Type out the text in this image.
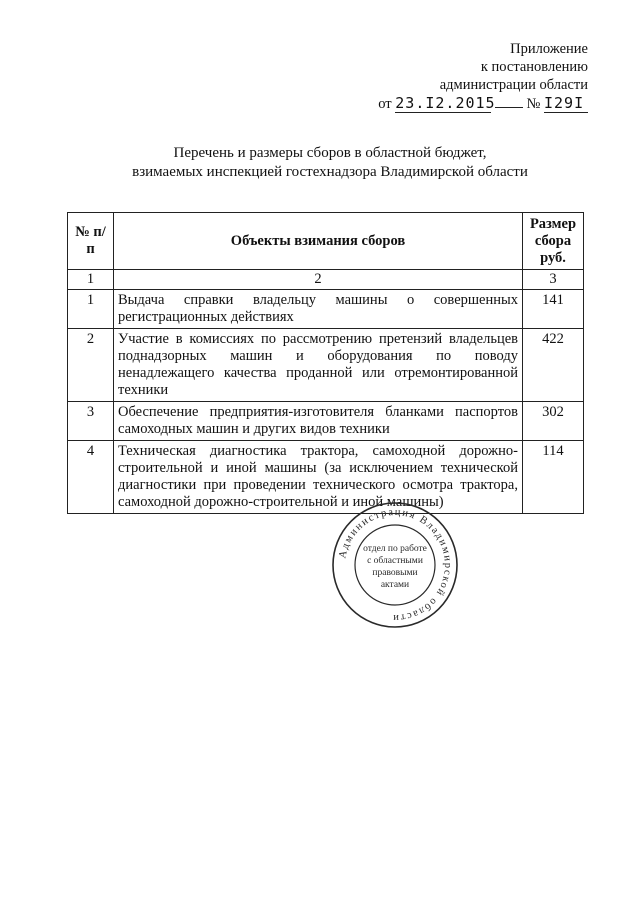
Приложение
к постановлению
администрации области
от 23.I2.2015 № I29I
Перечень и размеры сборов в областной бюджет,
взимаемых инспекцией гостехнадзора Владимирской области
№ п/п	Объекты взимания сборов	Размер сбора руб.
1	2	3
1	Выдача справки владельцу машины о совершенных регистрационных действиях	141
2	Участие в комиссиях по рассмотрению претензий владельцев поднадзорных машин и оборудования по поводу ненадлежащего качества проданной или отремонтированной техники	422
3	Обеспечение предприятия-изготовителя бланками паспортов самоходных машин и других видов техники	302
4	Техническая диагностика трактора, самоходной дорожно-строительной и иной машины (за исключением технической диагностики при проведении технического осмотра трактора, самоходной дорожно-строительной и иной машины)	114
Администрация Владимирской области
отдел по работе
с областными
правовыми
актами
